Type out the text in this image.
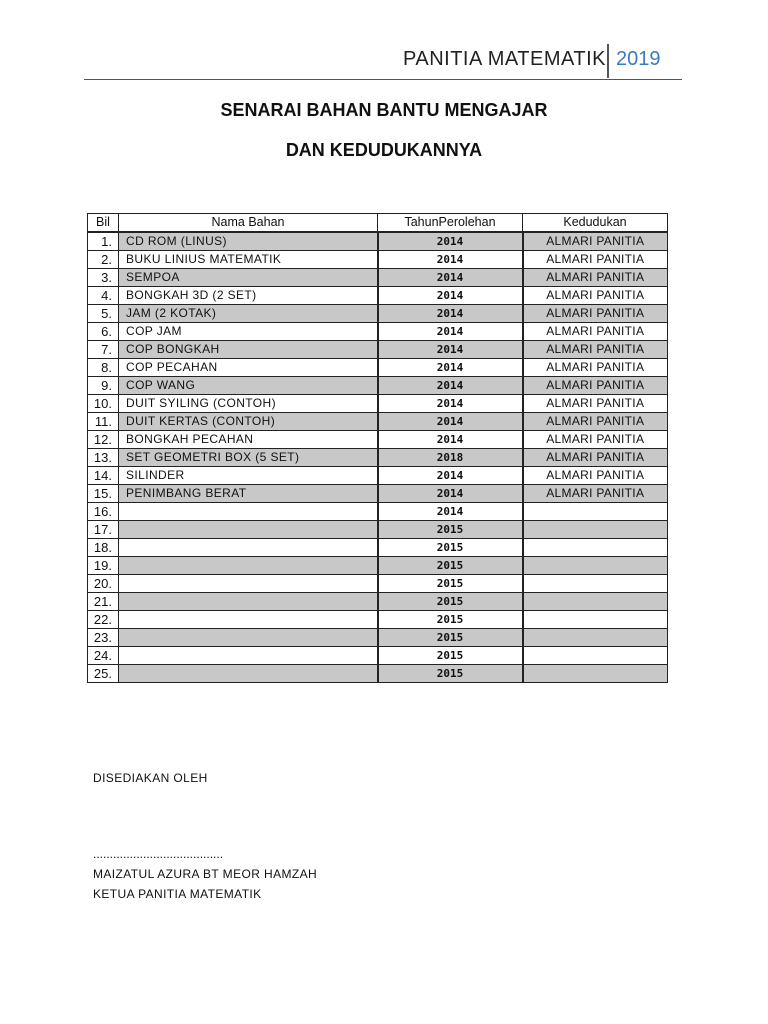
PANITIA MATEMATIK 2019
SENARAI BAHAN BANTU MENGAJAR
DAN KEDUDUKANNYA
Bil	Nama Bahan	TahunPerolehan	Kedudukan
1.	CD ROM (LINUS)	2014	ALMARI PANITIA
2.	BUKU LINIUS MATEMATIK	2014	ALMARI PANITIA
3.	SEMPOA	2014	ALMARI PANITIA
4.	BONGKAH 3D (2 SET)	2014	ALMARI PANITIA
5.	JAM (2 KOTAK)	2014	ALMARI PANITIA
6.	COP JAM	2014	ALMARI PANITIA
7.	COP BONGKAH	2014	ALMARI PANITIA
8.	COP PECAHAN	2014	ALMARI PANITIA
9.	COP WANG	2014	ALMARI PANITIA
10.	DUIT SYILING (CONTOH)	2014	ALMARI PANITIA
11.	DUIT KERTAS (CONTOH)	2014	ALMARI PANITIA
12.	BONGKAH PECAHAN	2014	ALMARI PANITIA
13.	SET GEOMETRI BOX (5 SET)	2018	ALMARI PANITIA
14.	SILINDER	2014	ALMARI PANITIA
15.	PENIMBANG BERAT	2014	ALMARI PANITIA
16.		2014	
17.		2015	
18.		2015	
19.		2015	
20.		2015	
21.		2015	
22.		2015	
23.		2015	
24.		2015	
25.		2015	
DISEDIAKAN OLEH
.......................................
MAIZATUL AZURA BT MEOR HAMZAH
KETUA PANITIA MATEMATIK
